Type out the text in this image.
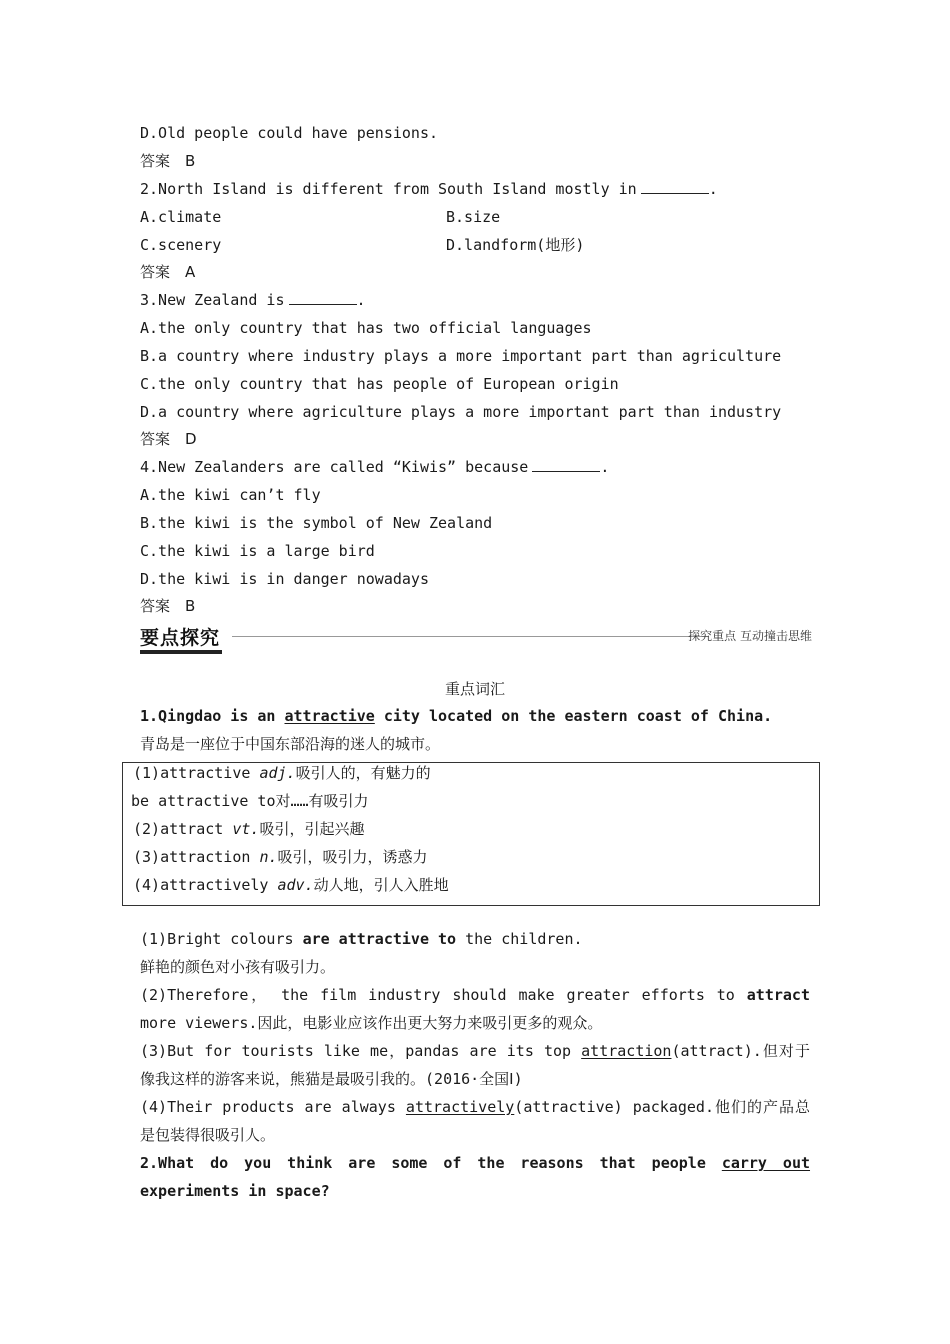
D.Old people could have pensions.
答案　B
2.North Island is different from South Island mostly in	.
A.climate	B.size
C.scenery	D.landform(地形)
答案　A
3.New Zealand is	.
A.the only country that has two official languages
B.a country where industry plays a more important part than agriculture
C.the only country that has people of European origin
D.a country where agriculture plays a more important part than industry
答案　D
4.New Zealanders are called “Kiwis” because	.
A.the kiwi can’t fly
B.the kiwi is the symbol of New Zealand
C.the kiwi is a large bird
D.the kiwi is in danger nowadays
答案　B
要点探究	探究重点 互动撞击思维
重点词汇
1.Qingdao is an attractive city located on the eastern coast of China.
青岛是一座位于中国东部沿海的迷人的城市。
(1)attractive adj.吸引人的，有魅力的
be attractive to对……有吸引力
(2)attract vt.吸引，引起兴趣
(3)attraction n.吸引，吸引力，诱惑力
(4)attractively adv.动人地，引人入胜地
(1)Bright colours are attractive to the children.
鲜艳的颜色对小孩有吸引力。
(2)Therefore， the film industry should make greater efforts to attract more viewers.因此，电影业应该作出更大努力来吸引更多的观众。
(3)But for tourists like me，pandas are its top attraction(attract).但对于像我这样的游客来说，熊猫是最吸引我的。(2016·全国Ⅰ)
(4)Their products are always attractively(attractive) packaged.他们的产品总是包装得很吸引人。
2.What do you think are some of the reasons that people carry out experiments in space?
